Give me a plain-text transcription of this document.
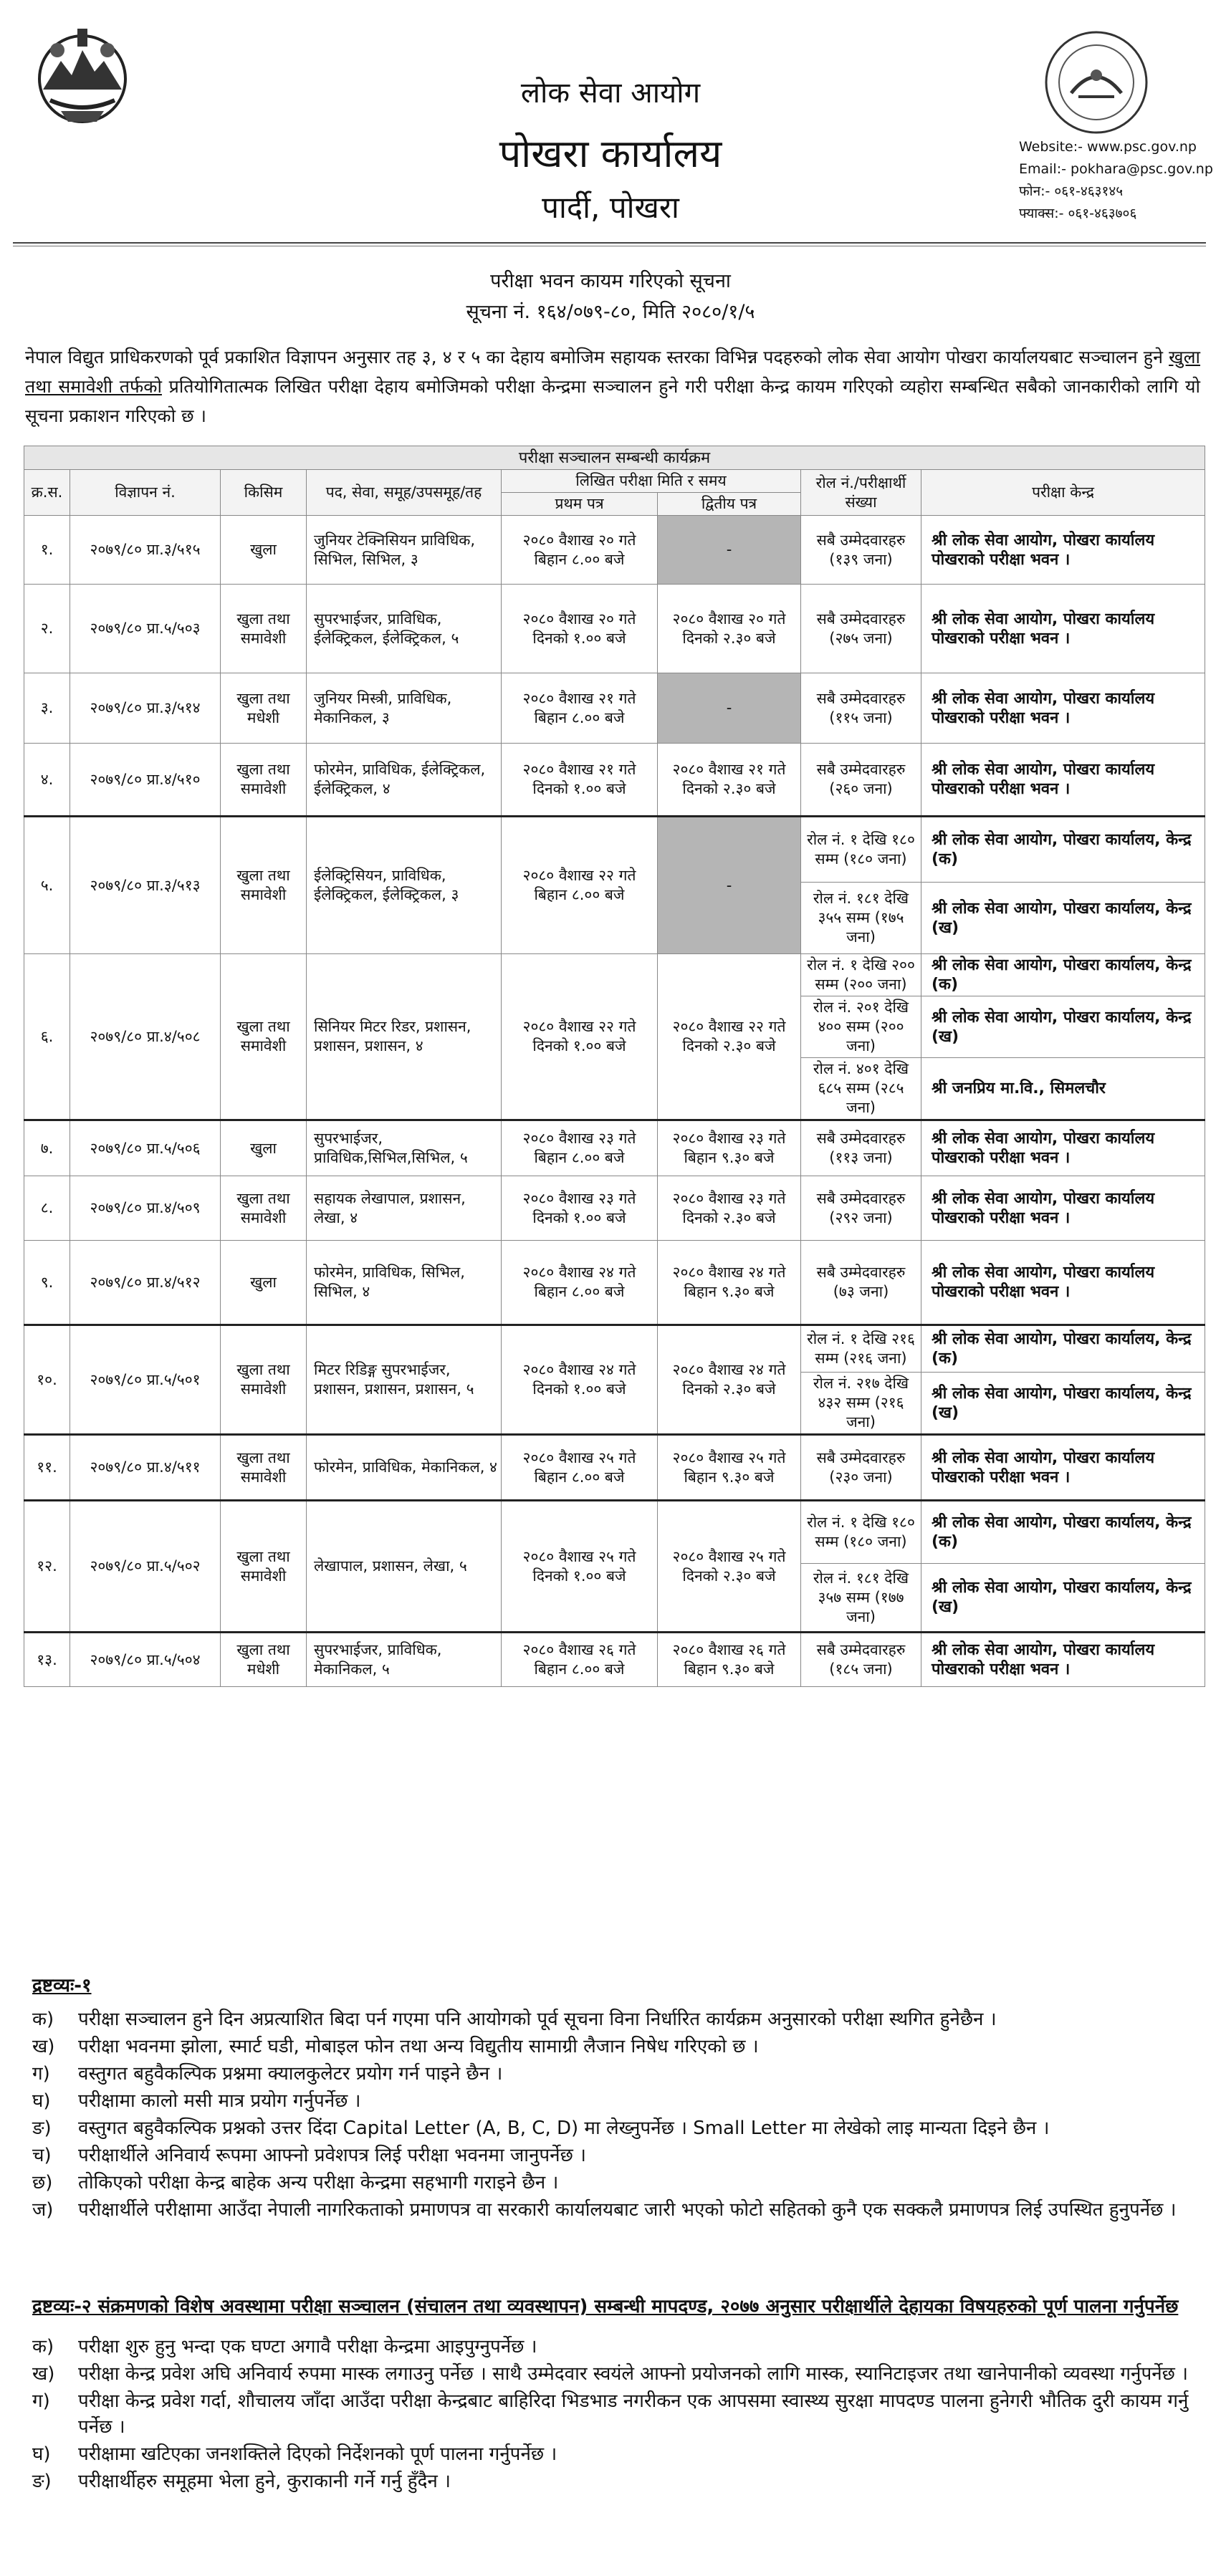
लोक सेवा आयोग
पोखरा कार्यालय
पार्दी, पोखरा
Website:- www.psc.gov.np
Email:- pokhara@psc.gov.np
फोन:- ०६१-४६३१४५
फ्याक्स:- ०६१-४६३७०६
परीक्षा भवन कायम गरिएको सूचना
सूचना नं. १६४/०७९-८०, मिति २०८०/१/५
नेपाल विद्युत प्राधिकरणको पूर्व प्रकाशित विज्ञापन अनुसार तह ३, ४ र ५ का देहाय बमोजिम सहायक स्तरका विभिन्न पदहरुको लोक सेवा आयोग पोखरा कार्यालयबाट सञ्चालन हुने खुला तथा समावेशी तर्फको प्रतियोगितात्मक लिखित परीक्षा देहाय बमोजिमको परीक्षा केन्द्रमा सञ्चालन हुने गरी परीक्षा केन्द्र कायम गरिएको व्यहोरा सम्बन्धित सबैको जानकारीको लागि यो सूचना प्रकाशन गरिएको छ ।
परीक्षा सञ्चालन सम्बन्धी कार्यक्रम							
क्र.स.	विज्ञापन नं.	किसिम	पद, सेवा, समूह/उपसमूह/तह	लिखित परीक्षा मिति र समय		रोल नं./परीक्षार्थी संख्या	परीक्षा केन्द्र
				प्रथम पत्र	द्वितीय पत्र		
१.	२०७९/८० प्रा.३/५१५	खुला	जुनियर टेक्निसियन प्राविधिक, सिभिल, सिभिल, ३	२०८० वैशाख २० गते बिहान ८.०० बजे	-	सबै उम्मेदवारहरु (१३९ जना)	श्री लोक सेवा आयोग, पोखरा कार्यालय पोखराको परीक्षा भवन ।
२.	२०७९/८० प्रा.५/५०३	खुला तथा समावेशी	सुपरभाईजर, प्राविधिक, ईलेक्ट्रिकल, ईलेक्ट्रिकल, ५	२०८० वैशाख २० गते दिनको १.०० बजे	२०८० वैशाख २० गते दिनको २.३० बजे	सबै उम्मेदवारहरु (२७५ जना)	श्री लोक सेवा आयोग, पोखरा कार्यालय पोखराको परीक्षा भवन ।
३.	२०७९/८० प्रा.३/५१४	खुला तथा मधेशी	जुनियर मिस्त्री, प्राविधिक, मेकानिकल, ३	२०८० वैशाख २१ गते बिहान ८.०० बजे	-	सबै उम्मेदवारहरु (११५ जना)	श्री लोक सेवा आयोग, पोखरा कार्यालय पोखराको परीक्षा भवन ।
४.	२०७९/८० प्रा.४/५१०	खुला तथा समावेशी	फोरमेन, प्राविधिक, ईलेक्ट्रिकल, ईलेक्ट्रिकल, ४	२०८० वैशाख २१ गते दिनको १.०० बजे	२०८० वैशाख २१ गते दिनको २.३० बजे	सबै उम्मेदवारहरु (२६० जना)	श्री लोक सेवा आयोग, पोखरा कार्यालय पोखराको परीक्षा भवन ।
५.	२०७९/८० प्रा.३/५१३	खुला तथा समावेशी	ईलेक्ट्रिसियन, प्राविधिक, ईलेक्ट्रिकल, ईलेक्ट्रिकल, ३	२०८० वैशाख २२ गते बिहान ८.०० बजे	-	रोल नं. १ देखि १८० सम्म (१८० जना)	श्री लोक सेवा आयोग, पोखरा कार्यालय, केन्द्र (क)
						रोल नं. १८१ देखि ३५५ सम्म (१७५ जना)	श्री लोक सेवा आयोग, पोखरा कार्यालय, केन्द्र (ख)
६.	२०७९/८० प्रा.४/५०८	खुला तथा समावेशी	सिनियर मिटर रिडर, प्रशासन, प्रशासन, प्रशासन, ४	२०८० वैशाख २२ गते दिनको १.०० बजे	२०८० वैशाख २२ गते दिनको २.३० बजे	रोल नं. १ देखि २०० सम्म (२०० जना)	श्री लोक सेवा आयोग, पोखरा कार्यालय, केन्द्र (क)
						रोल नं. २०१ देखि ४०० सम्म (२०० जना)	श्री लोक सेवा आयोग, पोखरा कार्यालय, केन्द्र (ख)
						रोल नं. ४०१ देखि ६८५ सम्म (२८५ जना)	श्री जनप्रिय मा.वि., सिमलचौर
७.	२०७९/८० प्रा.५/५०६	खुला	सुपरभाईजर, प्राविधिक,सिभिल,सिभिल, ५	२०८० वैशाख २३ गते बिहान ८.०० बजे	२०८० वैशाख २३ गते बिहान ९.३० बजे	सबै उम्मेदवारहरु (११३ जना)	श्री लोक सेवा आयोग, पोखरा कार्यालय पोखराको परीक्षा भवन ।
८.	२०७९/८० प्रा.४/५०९	खुला तथा समावेशी	सहायक लेखापाल, प्रशासन, लेखा, ४	२०८० वैशाख २३ गते दिनको १.०० बजे	२०८० वैशाख २३ गते दिनको २.३० बजे	सबै उम्मेदवारहरु (२९२ जना)	श्री लोक सेवा आयोग, पोखरा कार्यालय पोखराको परीक्षा भवन ।
९.	२०७९/८० प्रा.४/५१२	खुला	फोरमेन, प्राविधिक, सिभिल, सिभिल, ४	२०८० वैशाख २४ गते बिहान ८.०० बजे	२०८० वैशाख २४ गते बिहान ९.३० बजे	सबै उम्मेदवारहरु (७३ जना)	श्री लोक सेवा आयोग, पोखरा कार्यालय पोखराको परीक्षा भवन ।
१०.	२०७९/८० प्रा.५/५०१	खुला तथा समावेशी	मिटर रिडिङ्ग सुपरभाईजर, प्रशासन, प्रशासन, प्रशासन, ५	२०८० वैशाख २४ गते दिनको १.०० बजे	२०८० वैशाख २४ गते दिनको २.३० बजे	रोल नं. १ देखि २१६ सम्म (२१६ जना)	श्री लोक सेवा आयोग, पोखरा कार्यालय, केन्द्र (क)
						रोल नं. २१७ देखि ४३२ सम्म (२१६ जना)	श्री लोक सेवा आयोग, पोखरा कार्यालय, केन्द्र (ख)
११.	२०७९/८० प्रा.४/५११	खुला तथा समावेशी	फोरमेन, प्राविधिक, मेकानिकल, ४	२०८० वैशाख २५ गते बिहान ८.०० बजे	२०८० वैशाख २५ गते बिहान ९.३० बजे	सबै उम्मेदवारहरु (२३० जना)	श्री लोक सेवा आयोग, पोखरा कार्यालय पोखराको परीक्षा भवन ।
१२.	२०७९/८० प्रा.५/५०२	खुला तथा समावेशी	लेखापाल, प्रशासन, लेखा, ५	२०८० वैशाख २५ गते दिनको १.०० बजे	२०८० वैशाख २५ गते दिनको २.३० बजे	रोल नं. १ देखि १८० सम्म (१८० जना)	श्री लोक सेवा आयोग, पोखरा कार्यालय, केन्द्र (क)
						रोल नं. १८१ देखि ३५७ सम्म (१७७ जना)	श्री लोक सेवा आयोग, पोखरा कार्यालय, केन्द्र (ख)
१३.	२०७९/८० प्रा.५/५०४	खुला तथा मधेशी	सुपरभाईजर, प्राविधिक, मेकानिकल, ५	२०८० वैशाख २६ गते बिहान ८.०० बजे	२०८० वैशाख २६ गते बिहान ९.३० बजे	सबै उम्मेदवारहरु (१८५ जना)	श्री लोक सेवा आयोग, पोखरा कार्यालय पोखराको परीक्षा भवन ।
द्रष्टव्यः-१
क)	परीक्षा सञ्चालन हुने दिन अप्रत्याशित बिदा पर्न गएमा पनि आयोगको पूर्व सूचना विना निर्धारित कार्यक्रम अनुसारको परीक्षा स्थगित हुनेछैन ।
ख)	परीक्षा भवनमा झोला, स्मार्ट घडी, मोबाइल फोन तथा अन्य विद्युतीय सामाग्री लैजान निषेध गरिएको छ ।
ग)	वस्तुगत बहुवैकल्पिक प्रश्नमा क्यालकुलेटर प्रयोग गर्न पाइने छैन ।
घ)	परीक्षामा कालो मसी मात्र प्रयोग गर्नुपर्नेछ ।
ङ)	वस्तुगत बहुवैकल्पिक प्रश्नको उत्तर दिंदा Capital Letter (A, B, C, D) मा लेख्नुपर्नेछ । Small Letter मा लेखेको लाइ मान्यता दिइने छैन ।
च)	परीक्षार्थीले अनिवार्य रूपमा आफ्नो प्रवेशपत्र लिई परीक्षा भवनमा जानुपर्नेछ ।
छ)	तोकिएको परीक्षा केन्द्र बाहेक अन्य परीक्षा केन्द्रमा सहभागी गराइने छैन ।
ज)	परीक्षार्थीले परीक्षामा आउँदा नेपाली नागरिकताको प्रमाणपत्र वा सरकारी कार्यालयबाट जारी भएको फोटो सहितको कुनै एक सक्कलै प्रमाणपत्र लिई उपस्थित हुनुपर्नेछ ।
द्रष्टव्यः-२ संक्रमणको विशेष अवस्थामा परीक्षा सञ्चालन (संचालन तथा व्यवस्थापन) सम्बन्धी मापदण्ड, २०७७ अनुसार परीक्षार्थीले देहायका विषयहरुको पूर्ण पालना गर्नुपर्नेछ
क)	परीक्षा शुरु हुनु भन्दा एक घण्टा अगावै परीक्षा केन्द्रमा आइपुग्नुपर्नेछ ।
ख)	परीक्षा केन्द्र प्रवेश अघि अनिवार्य रुपमा मास्क लगाउनु पर्नेछ । साथै उम्मेदवार स्वयंले आफ्नो प्रयोजनको लागि मास्क, स्यानिटाइजर तथा खानेपानीको व्यवस्था गर्नुपर्नेछ ।
ग)	परीक्षा केन्द्र प्रवेश गर्दा, शौचालय जाँदा आउँदा परीक्षा केन्द्रबाट बाहिरिदा भिडभाड नगरीकन एक आपसमा स्वास्थ्य सुरक्षा मापदण्ड पालना हुनेगरी भौतिक दुरी कायम गर्नु पर्नेछ ।
घ)	परीक्षामा खटिएका जनशक्तिले दिएको निर्देशनको पूर्ण पालना गर्नुपर्नेछ ।
ङ)	परीक्षार्थीहरु समूहमा भेला हुने, कुराकानी गर्ने गर्नु हुँदैन ।
